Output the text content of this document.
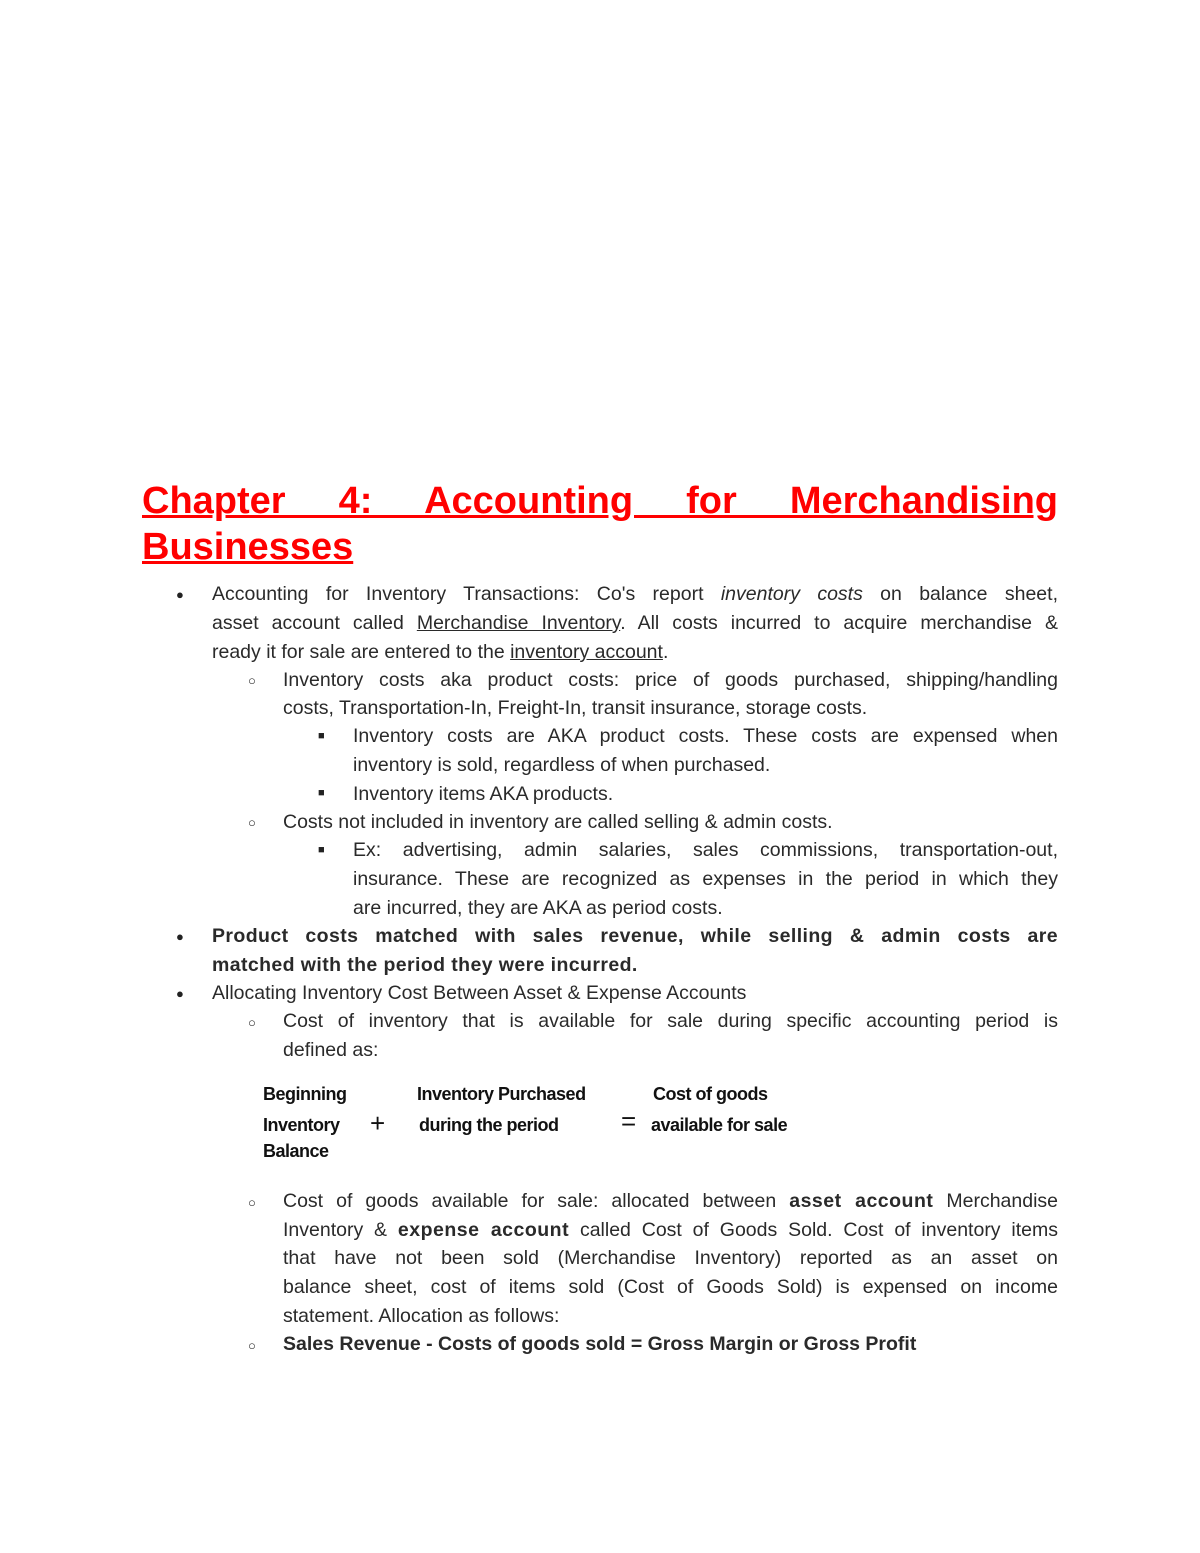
Chapter 4: Accounting for Merchandising
Businesses
● Accounting for Inventory Transactions: Co's report inventory costs on balance sheet,
asset account called Merchandise Inventory. All costs incurred to acquire merchandise &
ready it for sale are entered to the inventory account.
○ Inventory costs aka product costs: price of goods purchased, shipping/handling
costs, Transportation-In, Freight-In, transit insurance, storage costs.
■ Inventory costs are AKA product costs. These costs are expensed when
inventory is sold, regardless of when purchased.
■ Inventory items AKA products.
○ Costs not included in inventory are called selling & admin costs.
■ Ex: advertising, admin salaries, sales commissions, transportation-out,
insurance. These are recognized as expenses in the period in which they
are incurred, they are AKA as period costs.
● Product costs matched with sales revenue, while selling & admin costs are
matched with the period they were incurred.
● Allocating Inventory Cost Between Asset & Expense Accounts
○ Cost of inventory that is available for sale during specific accounting period is
defined as:
Beginning
Inventory
Balance
+
Inventory Purchased
during the period =
Cost of goods
available for sale
○ Cost of goods available for sale: allocated between asset account Merchandise
Inventory & expense account called Cost of Goods Sold. Cost of inventory items
that have not been sold (Merchandise Inventory) reported as an asset on
balance sheet, cost of items sold (Cost of Goods Sold) is expensed on income
statement. Allocation as follows:
○ Sales Revenue - Costs of goods sold = Gross Margin or Gross Profit
